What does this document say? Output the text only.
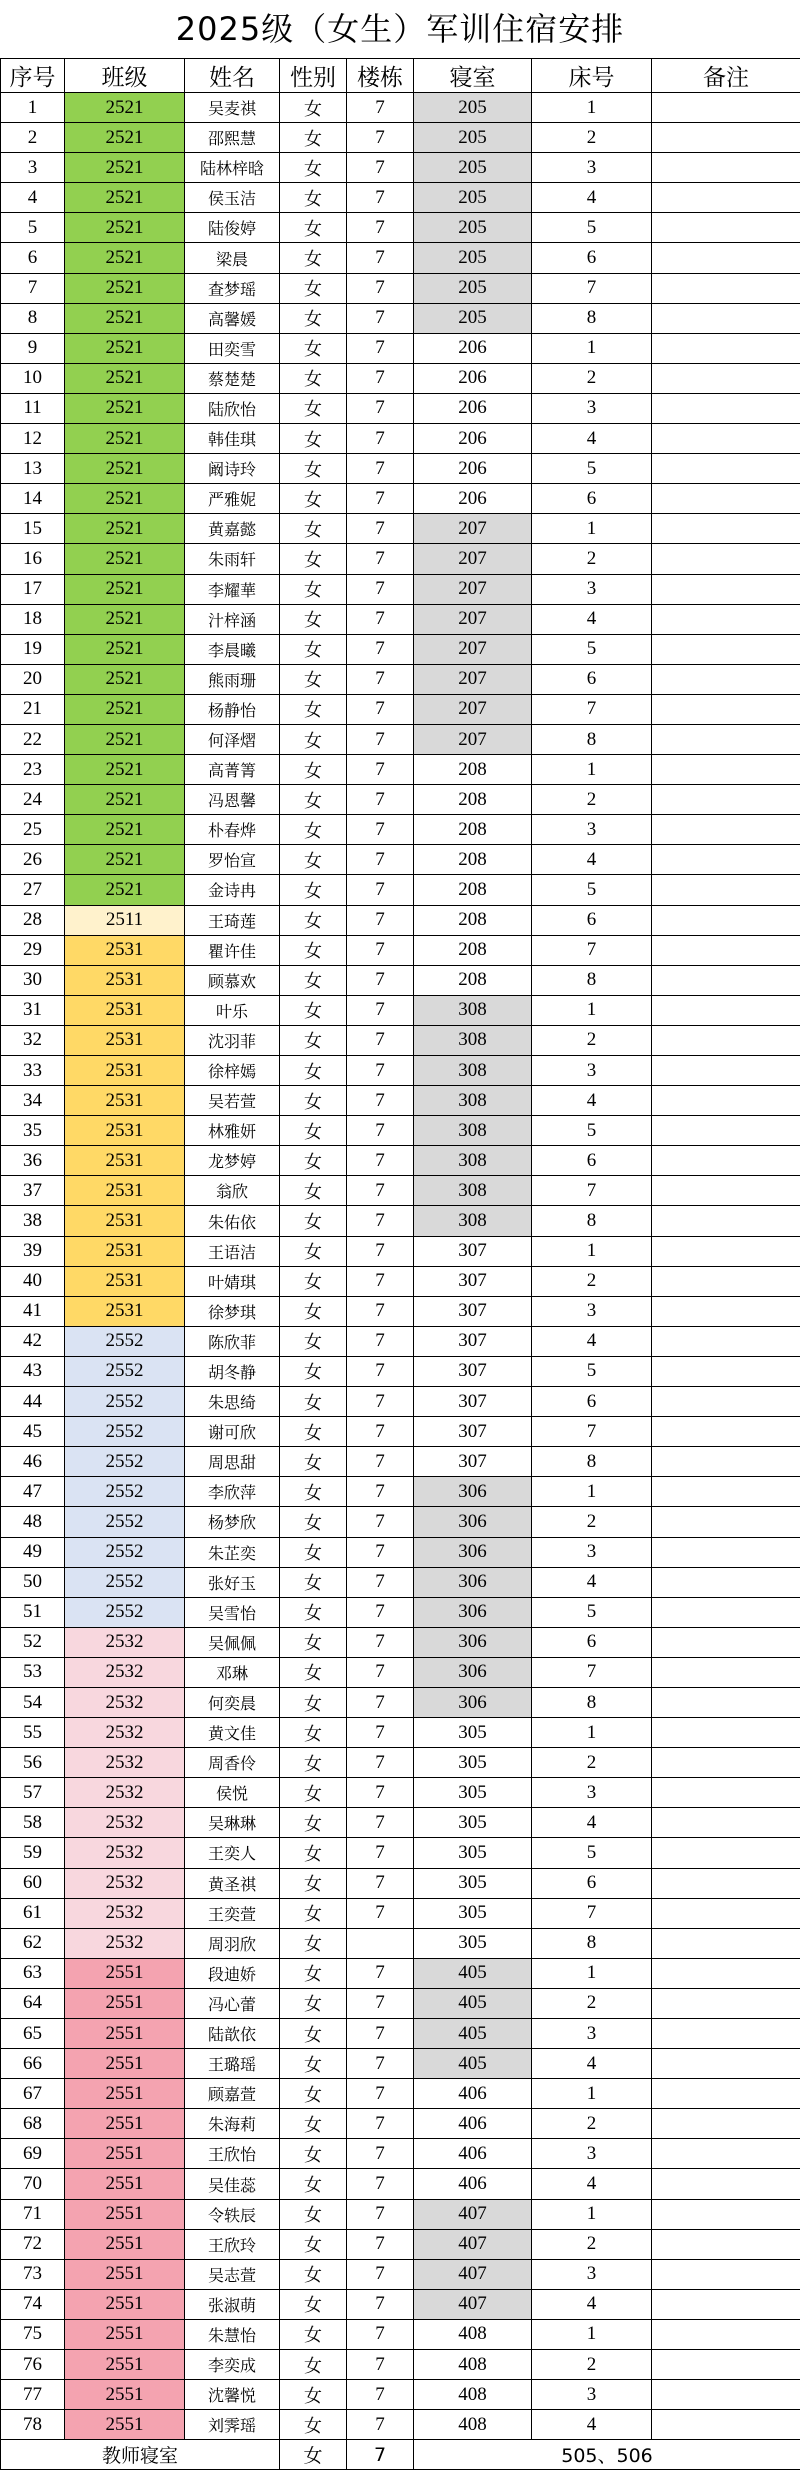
2025级（女生）军训住宿安排
序号	班级	姓名	性别	楼栋	寝室	床号	备注
1	2521	吴麦祺	女	7	205	1	
2	2521	邵熙慧	女	7	205	2	
3	2521	陆林梓晗	女	7	205	3	
4	2521	侯玉洁	女	7	205	4	
5	2521	陆俊婷	女	7	205	5	
6	2521	梁晨	女	7	205	6	
7	2521	查梦瑶	女	7	205	7	
8	2521	高馨媛	女	7	205	8	
9	2521	田奕雪	女	7	206	1	
10	2521	蔡楚楚	女	7	206	2	
11	2521	陆欣怡	女	7	206	3	
12	2521	韩佳琪	女	7	206	4	
13	2521	阚诗玲	女	7	206	5	
14	2521	严雅妮	女	7	206	6	
15	2521	黄嘉懿	女	7	207	1	
16	2521	朱雨轩	女	7	207	2	
17	2521	李耀華	女	7	207	3	
18	2521	汁梓涵	女	7	207	4	
19	2521	李晨曦	女	7	207	5	
20	2521	熊雨珊	女	7	207	6	
21	2521	杨静怡	女	7	207	7	
22	2521	何泽熠	女	7	207	8	
23	2521	高菁箐	女	7	208	1	
24	2521	冯恩馨	女	7	208	2	
25	2521	朴春烨	女	7	208	3	
26	2521	罗怡宣	女	7	208	4	
27	2521	金诗冉	女	7	208	5	
28	2511	王琦莲	女	7	208	6	
29	2531	瞿许佳	女	7	208	7	
30	2531	顾慕欢	女	7	208	8	
31	2531	叶乐	女	7	308	1	
32	2531	沈羽菲	女	7	308	2	
33	2531	徐梓嫣	女	7	308	3	
34	2531	吴若萱	女	7	308	4	
35	2531	林雅妍	女	7	308	5	
36	2531	龙梦婷	女	7	308	6	
37	2531	翁欣	女	7	308	7	
38	2531	朱佑依	女	7	308	8	
39	2531	王语洁	女	7	307	1	
40	2531	叶婧琪	女	7	307	2	
41	2531	徐梦琪	女	7	307	3	
42	2552	陈欣菲	女	7	307	4	
43	2552	胡冬静	女	7	307	5	
44	2552	朱思绮	女	7	307	6	
45	2552	谢可欣	女	7	307	7	
46	2552	周思甜	女	7	307	8	
47	2552	李欣萍	女	7	306	1	
48	2552	杨梦欣	女	7	306	2	
49	2552	朱芷奕	女	7	306	3	
50	2552	张好玉	女	7	306	4	
51	2552	吴雪怡	女	7	306	5	
52	2532	吴佩佩	女	7	306	6	
53	2532	邓琳	女	7	306	7	
54	2532	何奕晨	女	7	306	8	
55	2532	黄文佳	女	7	305	1	
56	2532	周香伶	女	7	305	2	
57	2532	侯悦	女	7	305	3	
58	2532	吴琳琳	女	7	305	4	
59	2532	王奕人	女	7	305	5	
60	2532	黄圣祺	女	7	305	6	
61	2532	王奕萱	女	7	305	7	
62	2532	周羽欣	女		305	8	
63	2551	段迪娇	女	7	405	1	
64	2551	冯心蕾	女	7	405	2	
65	2551	陆歆依	女	7	405	3	
66	2551	王璐瑶	女	7	405	4	
67	2551	顾嘉萱	女	7	406	1	
68	2551	朱海莉	女	7	406	2	
69	2551	王欣怡	女	7	406	3	
70	2551	吴佳蕊	女	7	406	4	
71	2551	令轶辰	女	7	407	1	
72	2551	王欣玲	女	7	407	2	
73	2551	吴志萱	女	7	407	3	
74	2551	张淑萌	女	7	407	4	
75	2551	朱慧怡	女	7	408	1	
76	2551	李奕成	女	7	408	2	
77	2551	沈馨悦	女	7	408	3	
78	2551	刘霁瑶	女	7	408	4	
教师寝室			女	7	505、506		
